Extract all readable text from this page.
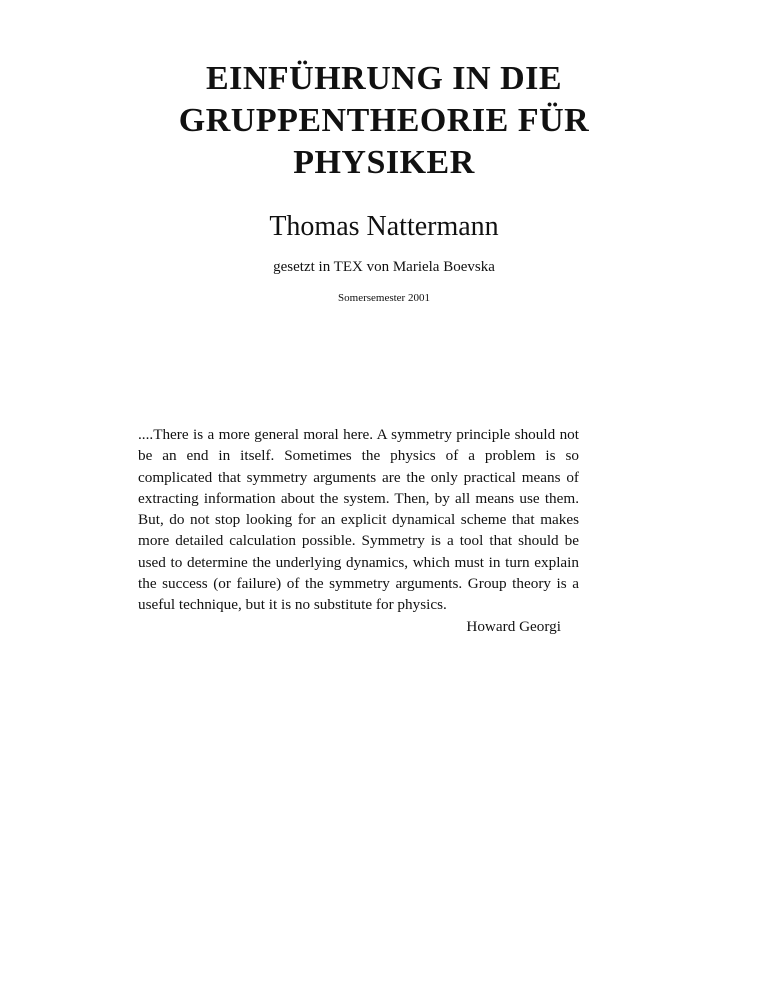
EINFÜHRUNG IN DIE
GRUPPENTHEORIE FÜR
PHYSIKER
Thomas Nattermann
gesetzt in TEX von Mariela Boevska
Somersemester 2001

....There is a more general moral here. A symmetry principle should not be an end in itself. Sometimes the physics of a problem is so complicated that symmetry arguments are the only practical means of extracting information about the system. Then, by all means use them. But, do not stop looking for an explicit dynamical scheme that makes more detailed calculation possible. Symmetry is a tool that should be used to determine the underlying dynamics, which must in turn explain the success (or failure) of the symmetry arguments. Group theory is a useful technique, but it is no substitute for physics.

Howard Georgi
